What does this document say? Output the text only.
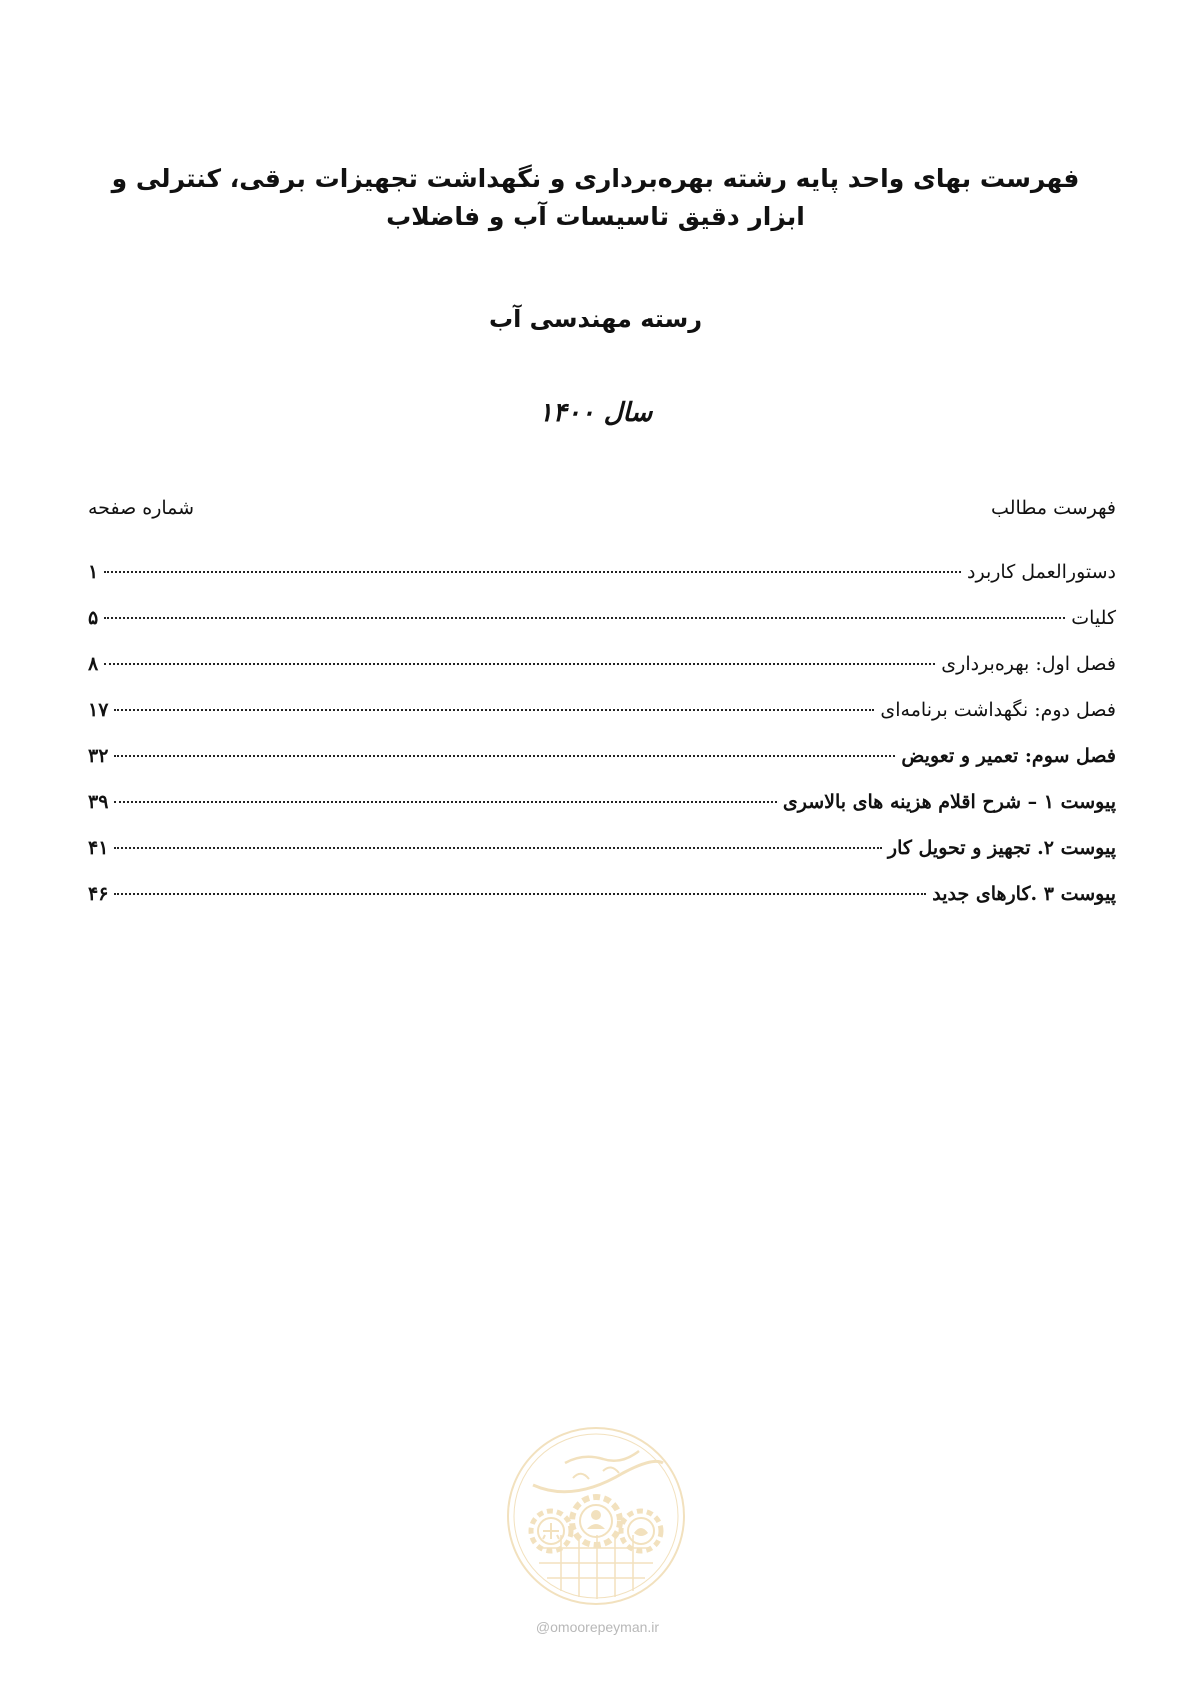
فهرست بهای واحد پایه رشته بهره‌برداری و نگهداشت تجهیزات برقی، کنترلی و ابزار دقیق تاسیسات آب و فاضلاب
رسته مهندسی آب
سال ۱۴۰۰
فهرست مطالب
شماره صفحه
دستورالعمل کاربرد
۱
کلیات
۵
فصل اول: بهره‌برداری
۸
فصل دوم: نگهداشت برنامه‌ای
۱۷
فصل سوم: تعمیر و تعویض
۳۲
پیوست ۱ – شرح اقلام هزینه های بالاسری
۳۹
پیوست ۲. تجهیز و تحویل کار
۴۱
پیوست ۳ .کارهای جدید
۴۶
@omoorepeyman.ir
